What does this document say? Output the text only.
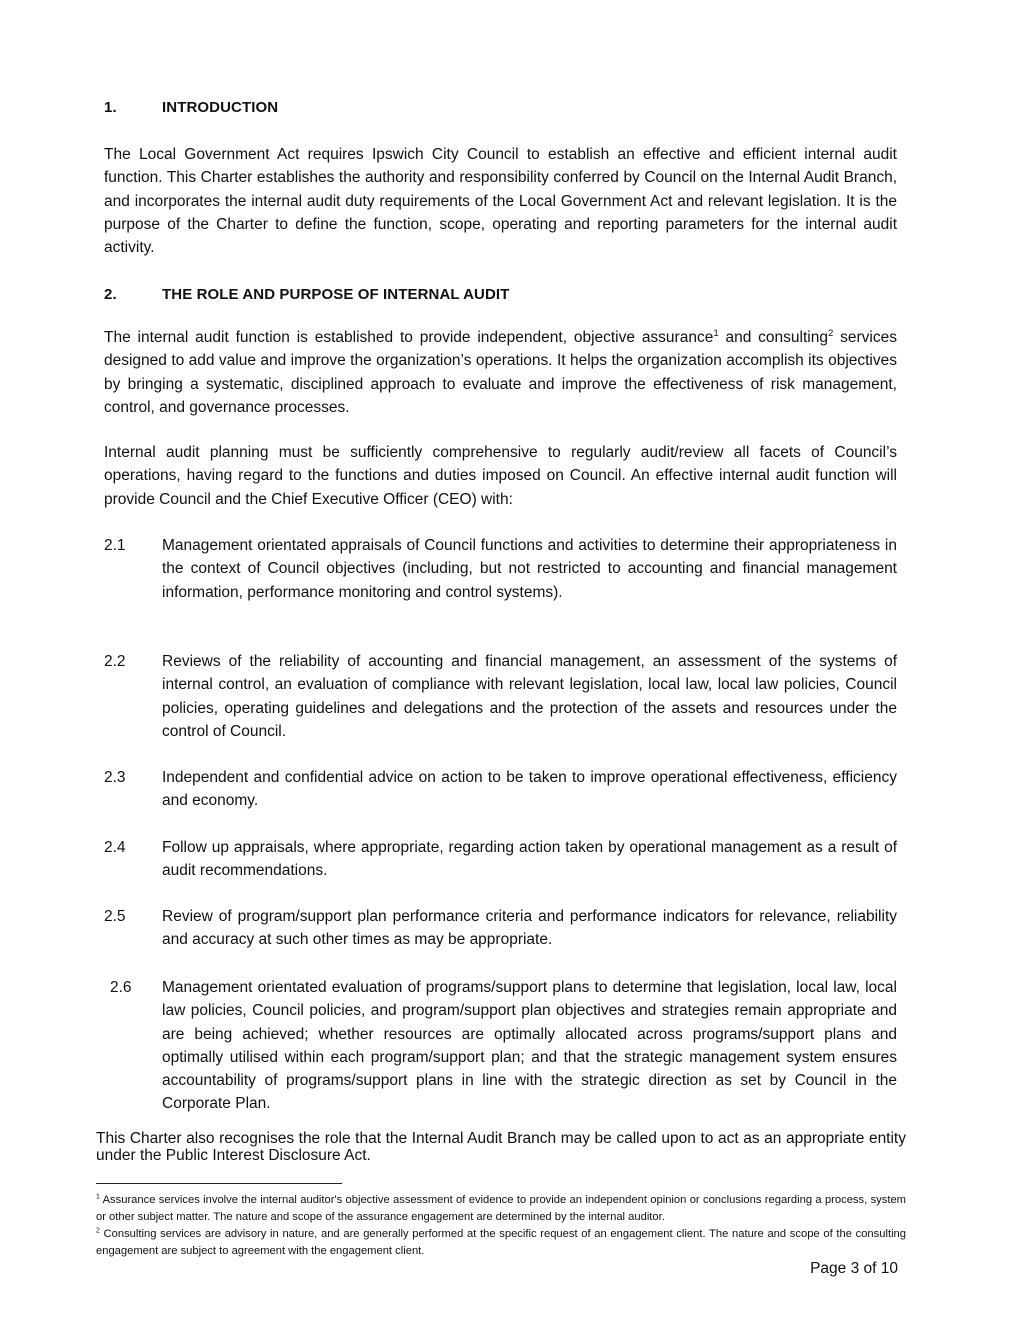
1.	INTRODUCTION

The Local Government Act requires Ipswich City Council to establish an effective and efficient internal audit function. This Charter establishes the authority and responsibility conferred by Council on the Internal Audit Branch, and incorporates the internal audit duty requirements of the Local Government Act and relevant legislation. It is the purpose of the Charter to define the function, scope, operating and reporting parameters for the internal audit activity.

2.	THE ROLE AND PURPOSE OF INTERNAL AUDIT

The internal audit function is established to provide independent, objective assurance$^1$ and consulting$^2$ services designed to add value and improve the organization’s operations. It helps the organization accomplish its objectives by bringing a systematic, disciplined approach to evaluate and improve the effectiveness of risk management, control, and governance processes.

Internal audit planning must be sufficiently comprehensive to regularly audit/review all facets of Council’s operations, having regard to the functions and duties imposed on Council. An effective internal audit function will provide Council and the Chief Executive Officer (CEO) with:

2.1 Management orientated appraisals of Council functions and activities to determine their appropriateness in the context of Council objectives (including, but not restricted to accounting and financial management information, performance monitoring and control systems).
2.2 Reviews of the reliability of accounting and financial management, an assessment of the systems of internal control, an evaluation of compliance with relevant legislation, local law, local law policies, Council policies, operating guidelines and delegations and the protection of the assets and resources under the control of Council.
2.3 Independent and confidential advice on action to be taken to improve operational effectiveness, efficiency and economy.
2.4 Follow up appraisals, where appropriate, regarding action taken by operational management as a result of audit recommendations.
2.5 Review of program/support plan performance criteria and performance indicators for relevance, reliability and accuracy at such other times as may be appropriate.
2.6 Management orientated evaluation of programs/support plans to determine that legislation, local law, local law policies, Council policies, and program/support plan objectives and strategies remain appropriate and are being achieved; whether resources are optimally allocated across programs/support plans and optimally utilised within each program/support plan; and that the strategic management system ensures accountability of programs/support plans in line with the strategic direction as set by Council in the Corporate Plan.

This Charter also recognises the role that the Internal Audit Branch may be called upon to act as an appropriate entity under the Public Interest Disclosure Act.

$^1$ Assurance services involve the internal auditor's objective assessment of evidence to provide an independent opinion or conclusions regarding a process, system or other subject matter. The nature and scope of the assurance engagement are determined by the internal auditor.

$^2$ Consulting services are advisory in nature, and are generally performed at the specific request of an engagement client. The nature and scope of the consulting engagement are subject to agreement with the engagement client.

Page 3 of 10
